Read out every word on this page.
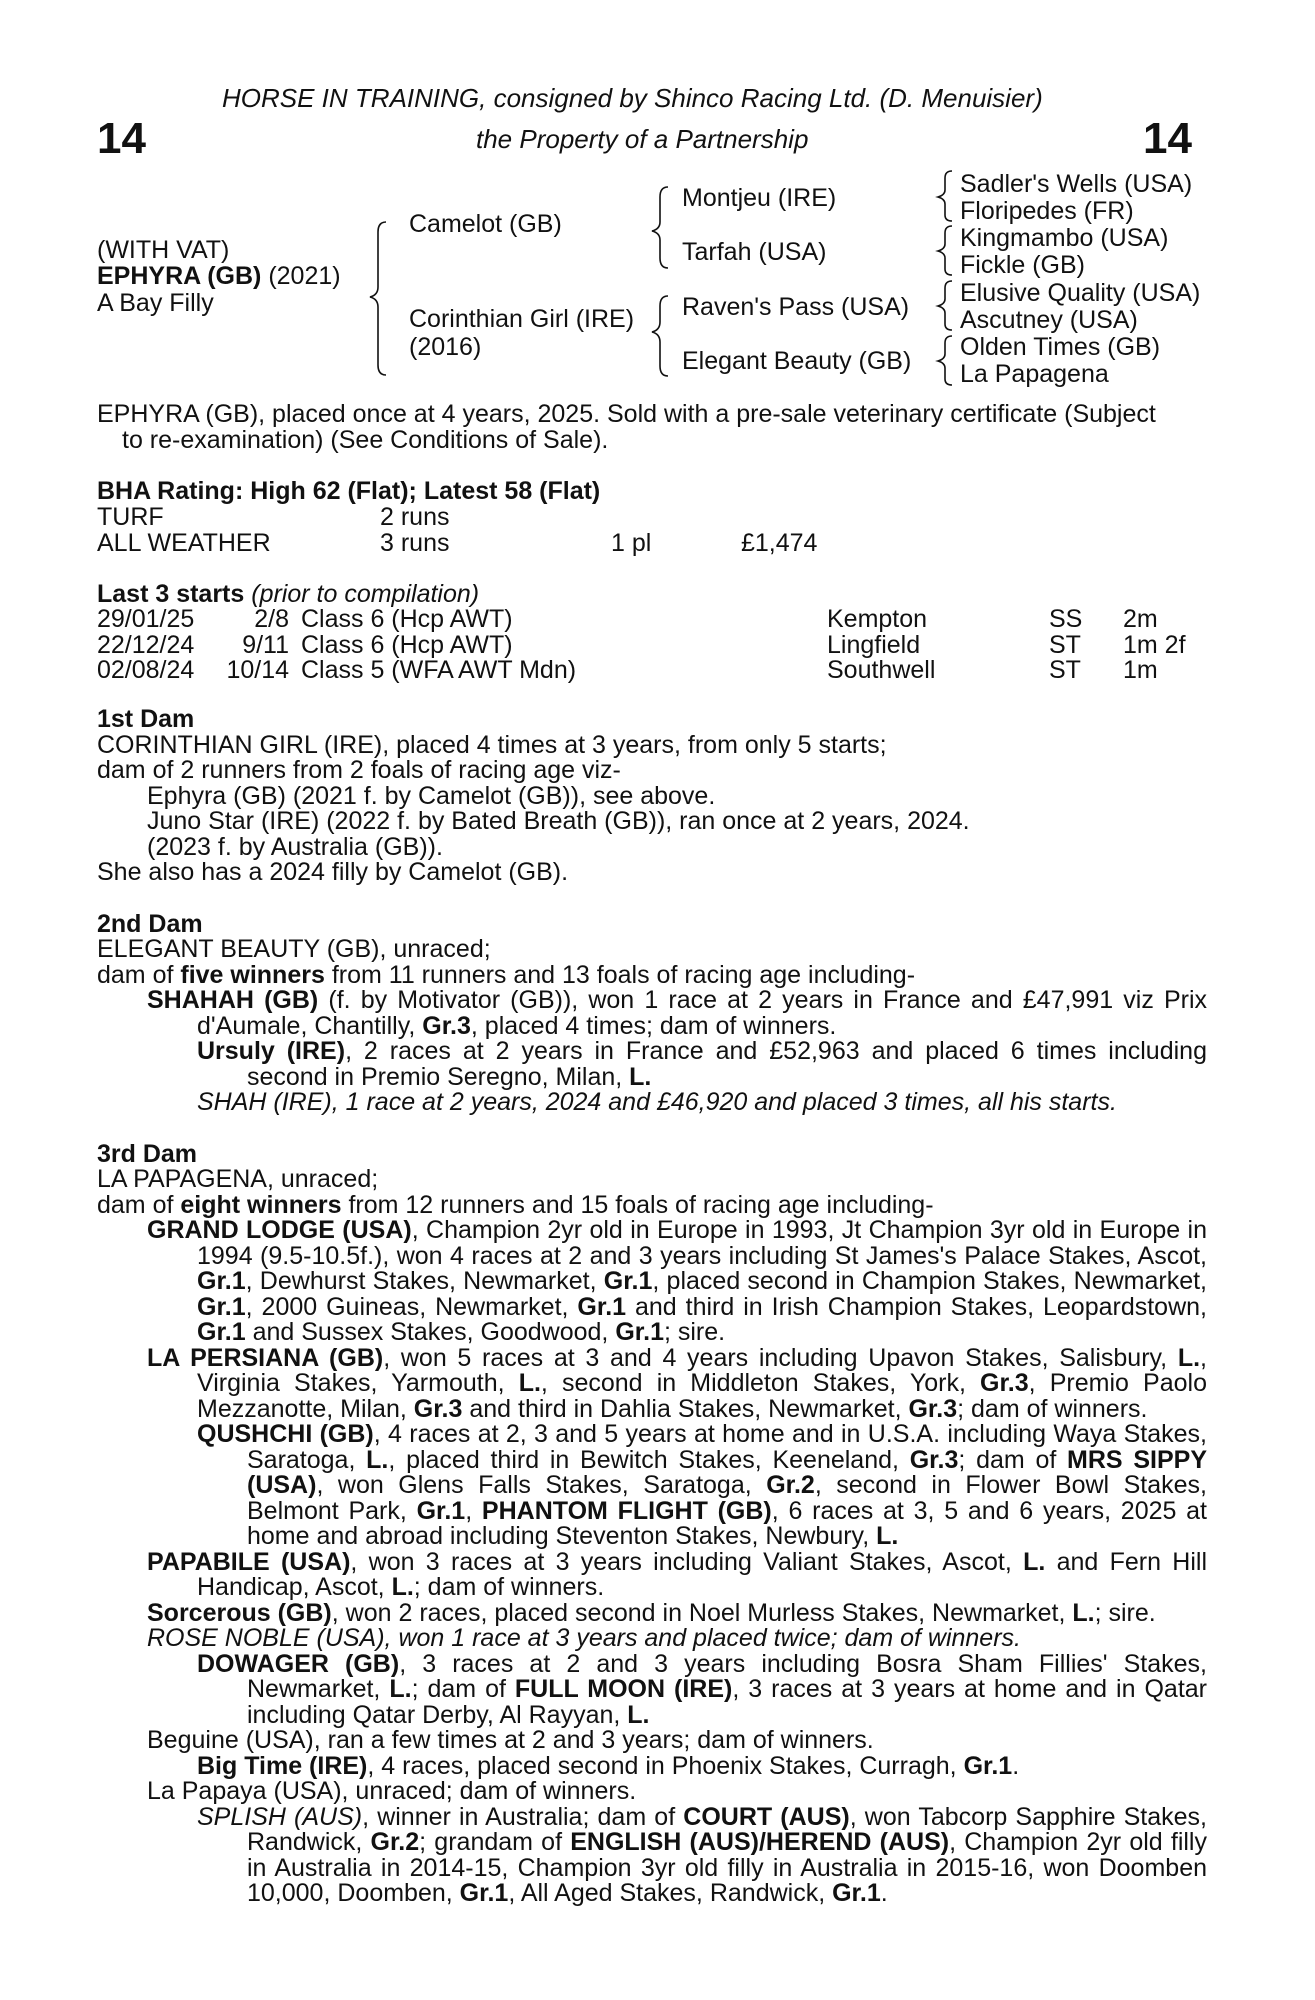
14	14
HORSE IN TRAINING, consigned by Shinco Racing Ltd. (D. Menuisier)
the Property of a Partnership
(WITH VAT)
EPHYRA (GB) (2021)
A Bay Filly
Camelot (GB)
Corinthian Girl (IRE)
(2016)
Montjeu (IRE)
Tarfah (USA)
Raven's Pass (USA)
Elegant Beauty (GB)
Sadler's Wells (USA)
Floripedes (FR)
Kingmambo (USA)
Fickle (GB)
Elusive Quality (USA)
Ascutney (USA)
Olden Times (GB)
La Papagena
EPHYRA (GB), placed once at 4 years, 2025. Sold with a pre-sale veterinary certificate (Subject
to re-examination) (See Conditions of Sale).
BHA Rating: High 62 (Flat); Latest 58 (Flat)
TURF	2 runs		
ALL WEATHER	3 runs	1 pl	£1,474
Last 3 starts (prior to compilation)
29/01/25	2/8	Class 6 (Hcp AWT)	Kempton	SS	2m
22/12/24	9/11	Class 6 (Hcp AWT)	Lingfield	ST	1m 2f
02/08/24	10/14	Class 5 (WFA AWT Mdn)	Southwell	ST	1m

1st Dam

CORINTHIAN GIRL (IRE), placed 4 times at 3 years, from only 5 starts;

dam of 2 runners from 2 foals of racing age viz-

Ephyra (GB) (2021 f. by Camelot (GB)), see above.

Juno Star (IRE) (2022 f. by Bated Breath (GB)), ran once at 2 years, 2024.

(2023 f. by Australia (GB)).

She also has a 2024 filly by Camelot (GB).

2nd Dam

ELEGANT BEAUTY (GB), unraced;

dam of five winners from 11 runners and 13 foals of racing age including-

SHAHAH (GB) (f. by Motivator (GB)), won 1 race at 2 years in France and £47,991 viz Prix d'Aumale, Chantilly, Gr.3, placed 4 times; dam of winners.

Ursuly (IRE), 2 races at 2 years in France and £52,963 and placed 6 times including second in Premio Seregno, Milan, L.

SHAH (IRE), 1 race at 2 years, 2024 and £46,920 and placed 3 times, all his starts.

3rd Dam

LA PAPAGENA, unraced;

dam of eight winners from 12 runners and 15 foals of racing age including-

GRAND LODGE (USA), Champion 2yr old in Europe in 1993, Jt Champion 3yr old in Europe in 1994 (9.5-10.5f.), won 4 races at 2 and 3 years including St James's Palace Stakes, Ascot, Gr.1, Dewhurst Stakes, Newmarket, Gr.1, placed second in Champion Stakes, Newmarket, Gr.1, 2000 Guineas, Newmarket, Gr.1 and third in Irish Champion Stakes, Leopardstown, Gr.1 and Sussex Stakes, Goodwood, Gr.1; sire.

LA PERSIANA (GB), won 5 races at 3 and 4 years including Upavon Stakes, Salisbury, L., Virginia Stakes, Yarmouth, L., second in Middleton Stakes, York, Gr.3, Premio Paolo Mezzanotte, Milan, Gr.3 and third in Dahlia Stakes, Newmarket, Gr.3; dam of winners.

QUSHCHI (GB), 4 races at 2, 3 and 5 years at home and in U.S.A. including Waya Stakes, Saratoga, L., placed third in Bewitch Stakes, Keeneland, Gr.3; dam of MRS SIPPY (USA), won Glens Falls Stakes, Saratoga, Gr.2, second in Flower Bowl Stakes, Belmont Park, Gr.1, PHANTOM FLIGHT (GB), 6 races at 3, 5 and 6 years, 2025 at home and abroad including Steventon Stakes, Newbury, L.

PAPABILE (USA), won 3 races at 3 years including Valiant Stakes, Ascot, L. and Fern Hill Handicap, Ascot, L.; dam of winners.

Sorcerous (GB), won 2 races, placed second in Noel Murless Stakes, Newmarket, L.; sire.

ROSE NOBLE (USA), won 1 race at 3 years and placed twice; dam of winners.

DOWAGER (GB), 3 races at 2 and 3 years including Bosra Sham Fillies' Stakes, Newmarket, L.; dam of FULL MOON (IRE), 3 races at 3 years at home and in Qatar including Qatar Derby, Al Rayyan, L.

Beguine (USA), ran a few times at 2 and 3 years; dam of winners.

Big Time (IRE), 4 races, placed second in Phoenix Stakes, Curragh, Gr.1.

La Papaya (USA), unraced; dam of winners.

SPLISH (AUS), winner in Australia; dam of COURT (AUS), won Tabcorp Sapphire Stakes, Randwick, Gr.2; grandam of ENGLISH (AUS)/HEREND (AUS), Champion 2yr old filly in Australia in 2014-15, Champion 3yr old filly in Australia in 2015-16, won Doomben 10,000, Doomben, Gr.1, All Aged Stakes, Randwick, Gr.1.
